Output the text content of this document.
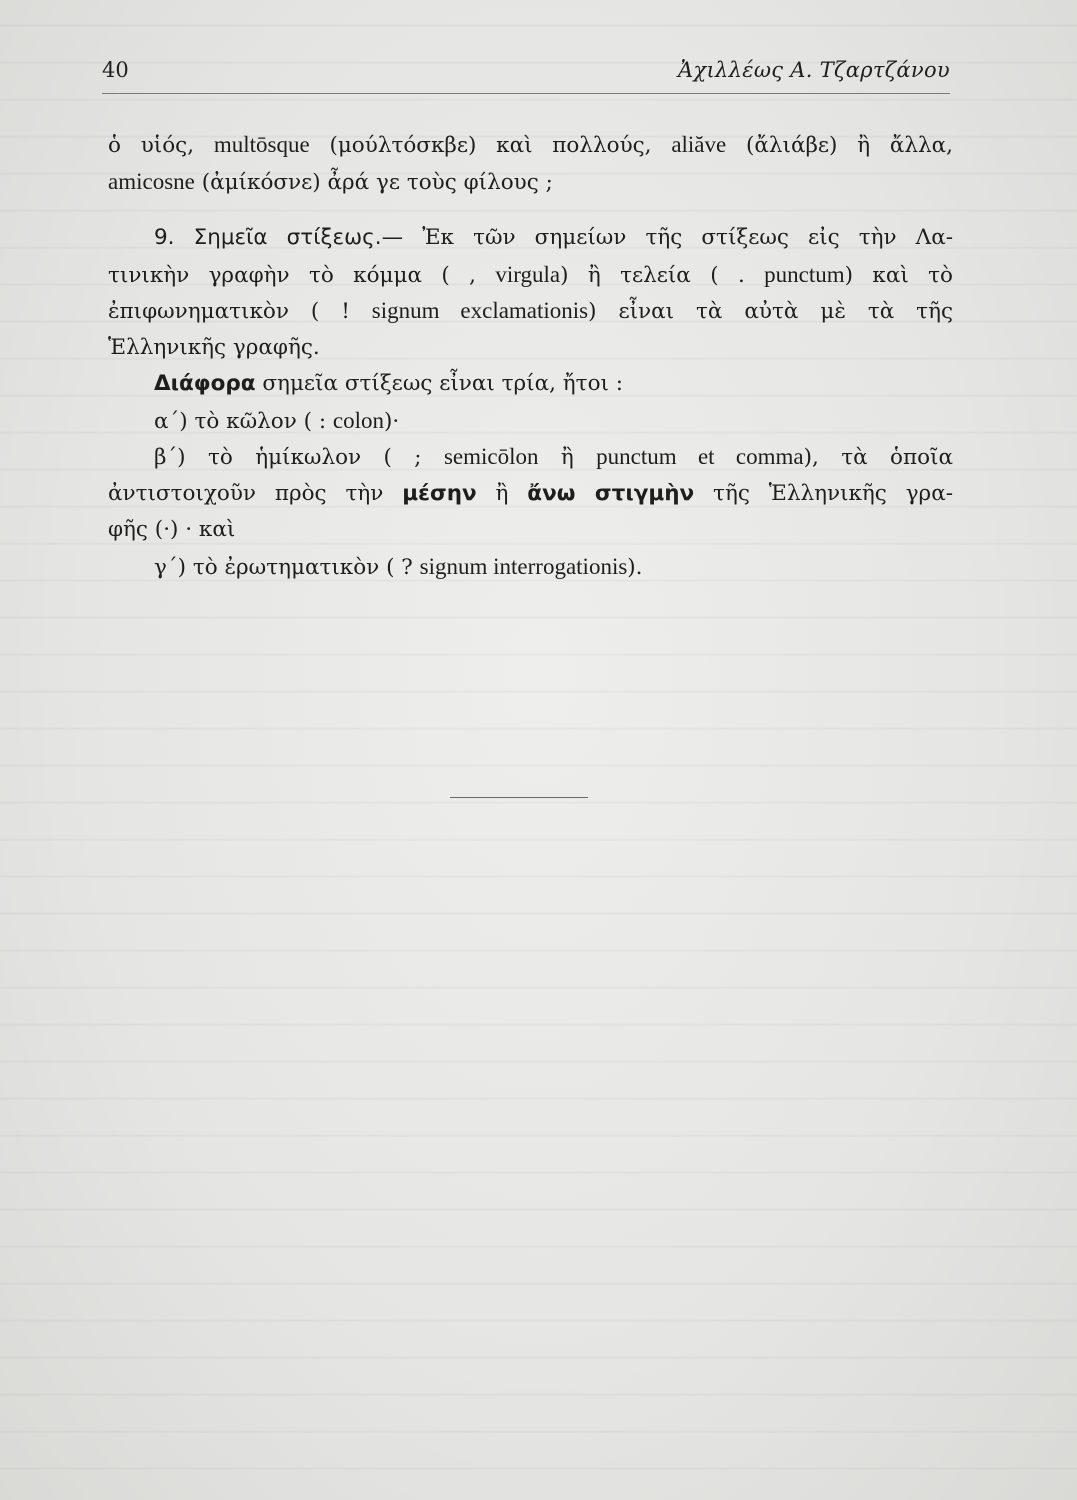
40	Ἀχιλλέως Α. Τζαρτζάνου
ὁ υἱός, multōsque (μούλτόσκβε) καὶ πολλούς, aliăve (ἄλιάβε) ἢ ἄλλα,
amicosne (ἀμίκόσνε) ἆρά γε τοὺς φίλους ;
9. Σημεῖα στίξεως.— Ἐκ τῶν σημείων τῆς στίξεως εἰς τὴν Λα-
τινικὴν γραφὴν τὸ κόμμα ( , virgula) ἢ τελεία ( . punctum) καὶ τὸ
ἐπιφωνηματικὸν ( ! signum exclamationis) εἶναι τὰ αὐτὰ μὲ τὰ τῆς
Ἑλληνικῆς γραφῆς.
Διάφορα σημεῖα στίξεως εἶναι τρία, ἤτοι :
α΄) τὸ κῶλον ( : colon)·
β΄) τὸ ἡμίκωλον ( ; semicōlon ἢ punctum et comma), τὰ ὁποῖα
ἀντιστοιχοῦν πρὸς τὴν μέσην ἢ ἄνω στιγμὴν τῆς Ἑλληνικῆς γρα-
φῆς (·) · καὶ
γ΄) τὸ ἐρωτηματικὸν ( ? signum interrogationis).
